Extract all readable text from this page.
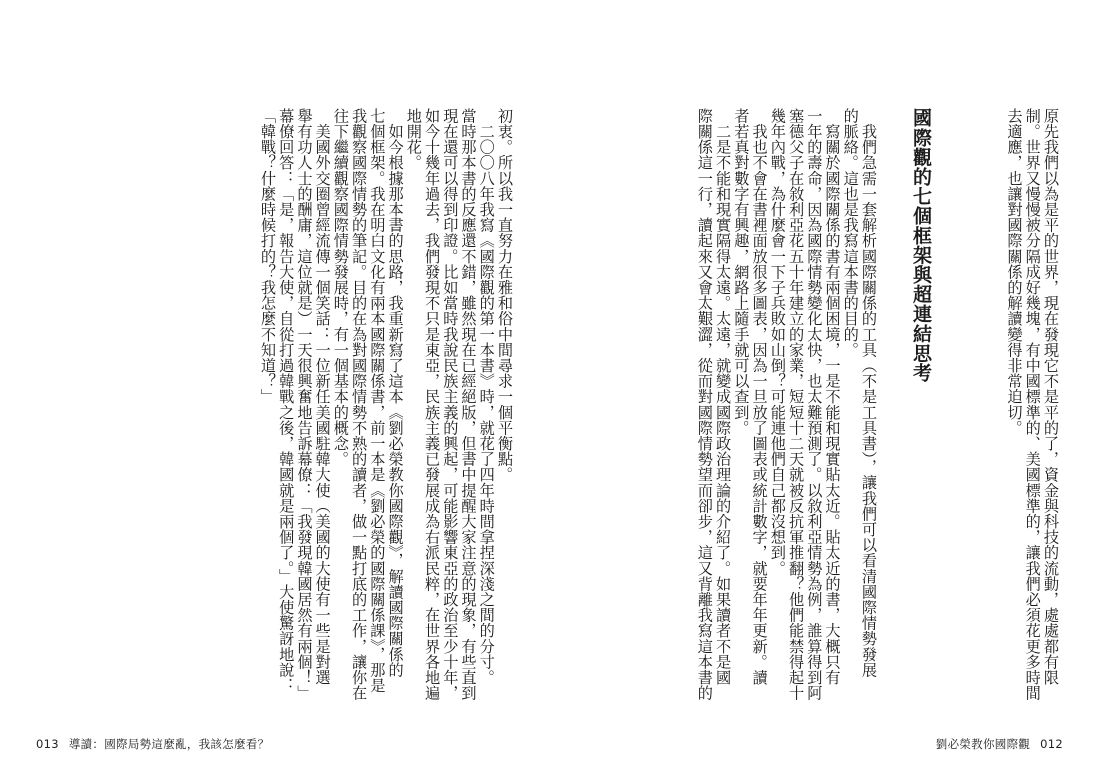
原先我們以為是平的世界，現在發現它不是平的了，資金與科技的流動，處處都有限
制。世界又慢慢被分隔成好幾塊，有中國標準的、美國標準的，讓我們必須花更多時間
去適應，也讓對國際關係的解讀變得非常迫切。
國際觀的七個框架與超連結思考
　我們急需一套解析國際關係的工具（不是工具書），讓我們可以看清國際情勢發展
的脈絡。這也是我寫這本書的目的。
　寫關於國際關係的書有兩個困境，一是不能和現實貼太近。貼太近的書，大概只有
一年的壽命，因為國際情勢變化太快，也太難預測了。以敘利亞情勢為例，誰算得到阿
塞德父子在敘利亞花五十年建立的家業，短短十二天就被反抗軍推翻？他們能禁得起十
幾年內戰，為什麼會一下子兵敗如山倒？可能連他們自己都沒想到。
　我也不會在書裡面放很多圖表，因為一旦放了圖表或統計數字，就要年年更新。讀
者若真對數字有興趣，網路上隨手就可以查到。
　二是不能和現實隔得太遠。太遠，就變成國際政治理論的介紹了。如果讀者不是國
際關係這一行，讀起來又會太艱澀，從而對國際情勢望而卻步，這又背離我寫這本書的
劉必榮教你國際觀 012
初衷。所以我一直努力在雅和俗中間尋求一個平衡點。
　二〇〇八年我寫《國際觀的第一本書》時，就花了四年時間拿捏深淺之間的分寸。
當時那本書的反應還不錯，雖然現在已經絕版，但書中提醒大家注意的現象，有些直到
現在還可以得到印證。比如當時我說民族主義的興起，可能影響東亞的政治至少十年，
如今十幾年過去，我們發現不只是東亞，民族主義已發展成為右派民粹，在世界各地遍
地開花。
　如今根據那本書的思路，我重新寫了這本《劉必榮教你國際觀》，解讀國際關係的
七個框架。我在明白文化有兩本國際關係書，前一本是《劉必榮的國際關係課》，那是
我觀察國際情勢的筆記。目的在為對國際情勢不熟的讀者，做一點打底的工作，讓你在
往下繼續觀察國際情勢發展時，有一個基本的概念。
　美國外交圈曾經流傳一個笑話：一位新任美國駐韓大使（美國的大使有一些是對選
舉有功人士的酬庸，這位就是）一天很興奮地告訴幕僚：「我發現韓國居然有兩個！」
幕僚回答：「是，報告大使，自從打過韓戰之後，韓國就是兩個了。」大使驚訝地說：
「韓戰？什麼時候打的？我怎麼不知道？」
013 導讀：國際局勢這麼亂，我該怎麼看？
